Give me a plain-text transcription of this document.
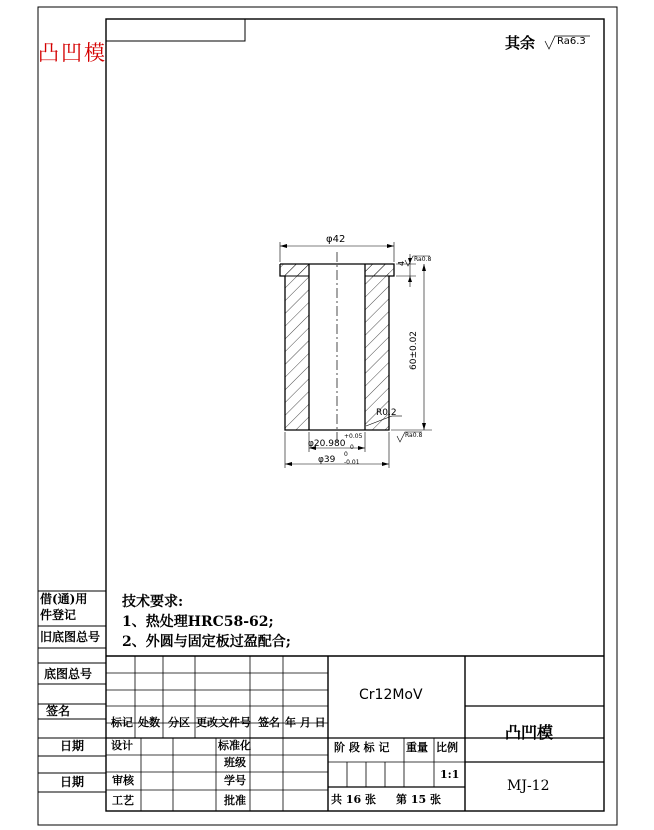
凸凹模	其余 Ra6.3
φ42
4
Ra0.8
60±0.02
R0.2
Ra0.8
φ20.980
+0.05
0
φ39
0
-0.01
借(通)用
件登记
旧底图总号
底图总号
签名
日期
日期
技术要求:
1、热处理HRC58-62;
2、外圆与固定板过盈配合;
Cr12MoV
凸凹模
MJ-12
标记 处数 分区 更改文件号 签名 年 月 日
设计	标准化
班级
审核	学号
工艺	批准
阶 段 标 记 重量 比例
1:1
共 16 张 第 15 张
